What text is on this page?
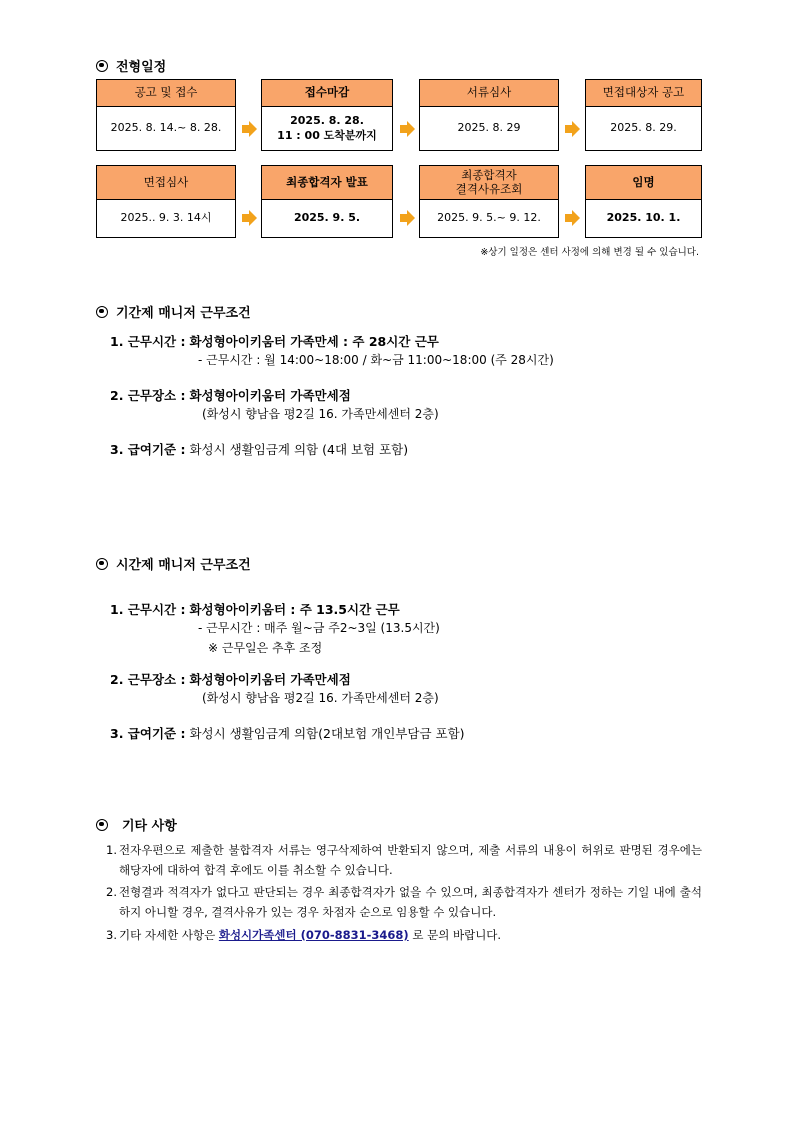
전형일정
공고 및 접수
2025. 8. 14.~ 8. 28.
접수마감
2025. 8. 28.
11 : 00 도착분까지
서류심사
2025. 8. 29
면접대상자 공고
2025. 8. 29.
면접심사
2025.. 9. 3. 14시
최종합격자 발표
2025. 9. 5.
최종합격자
결격사유조회
2025. 9. 5.~ 9. 12.
임명
2025. 10. 1.
※상기 일정은 센터 사정에 의해 변경 될 수 있습니다.
기간제 매니저 근무조건
1. 근무시간 : 화성형아이키움터 가족만세 : 주 28시간 근무
- 근무시간 : 월 14:00~18:00 / 화~금 11:00~18:00 (주 28시간)
2. 근무장소 : 화성형아이키움터 가족만세점
(화성시 향남읍 평2길 16. 가족만세센터 2층)
3. 급여기준 : 화성시 생활임금계 의함 (4대 보험 포함)
시간제 매니저 근무조건
1. 근무시간 : 화성형아이키움터 : 주 13.5시간 근무
- 근무시간 : 매주 월~금 주2~3일 (13.5시간)
※ 근무일은 추후 조정
2. 근무장소 : 화성형아이키움터 가족만세점
(화성시 향남읍 평2길 16. 가족만세센터 2층)
3. 급여기준 : 화성시 생활임금계 의함(2대보험 개인부담금 포함)
기타 사항
1. 전자우편으로 제출한 불합격자 서류는 영구삭제하여 반환되지 않으며, 제출 서류의 내용이 허위로 판명된 경우에는 해당자에 대하여 합격 후에도 이를 취소할 수 있습니다.
2. 전형결과 적격자가 없다고 판단되는 경우 최종합격자가 없을 수 있으며, 최종합격자가 센터가 정하는 기일 내에 출석하지 아니할 경우, 결격사유가 있는 경우 차점자 순으로 임용할 수 있습니다.
3. 기타 자세한 사항은 화성시가족센터 (070-8831-3468) 로 문의 바랍니다.
